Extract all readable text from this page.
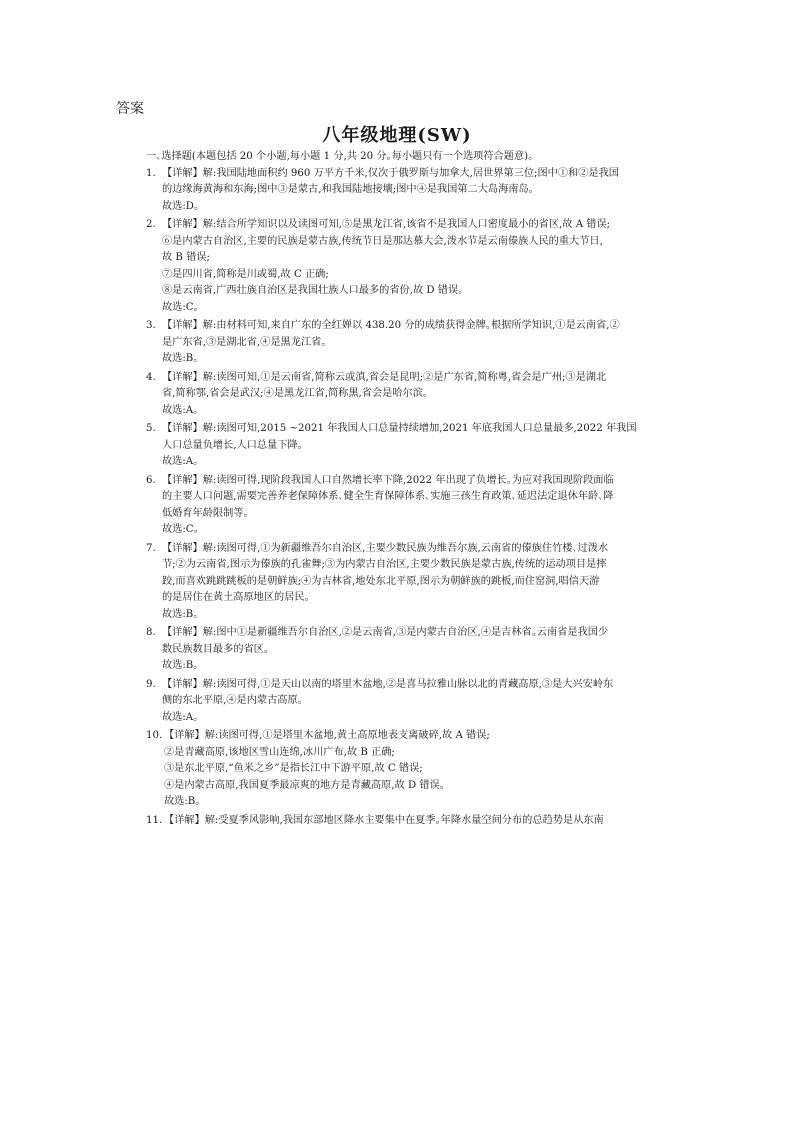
答案
八年级地理(SW)
一､选择题(本题包括 20 个小题,每小题 1 分,共 20 分｡每小题只有一个选项符合题意)｡
1. 【详解】解:我国陆地面积约 960 万平方千米,仅次于俄罗斯与加拿大,居世界第三位;图中①和②是我国
的边缘海黄海和东海;图中③是蒙古,和我国陆地接壤;图中④是我国第二大岛海南岛｡
故选:D｡
2. 【详解】解:结合所学知识以及读图可知,⑤是黑龙江省,该省不是我国人口密度最小的省区,故 A 错误;
⑥是内蒙古自治区,主要的民族是蒙古族,传统节日是那达慕大会,泼水节是云南傣族人民的重大节日,
故 B 错误;
⑦是四川省,简称是川或蜀,故 C 正确;
⑧是云南省,广西壮族自治区是我国壮族人口最多的省份,故 D 错误｡
故选:C｡
3. 【详解】解:由材料可知,来自广东的全红婵以 438.20 分的成绩获得金牌｡根据所学知识,①是云南省,②
是广东省,③是湖北省,④是黑龙江省｡
故选:B｡
4. 【详解】解:读图可知,①是云南省,简称云或滇,省会是昆明;②是广东省,简称粤,省会是广州;③是湖北
省,简称鄂,省会是武汉;④是黑龙江省,简称黑,省会是哈尔滨｡
故选:A｡
5. 【详解】解:读图可知,2015 ~2021 年我国人口总量持续增加,2021 年底我国人口总量最多,2022 年我国
人口总量负增长,人口总量下降｡
故选:A｡
6. 【详解】解:读图可得,现阶段我国人口自然增长率下降,2022 年出现了负增长｡为应对我国现阶段面临
的主要人口问题,需要完善养老保障体系､健全生育保障体系､实施三孩生育政策､延迟法定退休年龄､降
低婚育年龄限制等｡
故选:C｡
7. 【详解】解:读图可得,①为新疆维吾尔自治区,主要少数民族为维吾尔族,云南省的傣族住竹楼､过泼水
节;②为云南省,图示为傣族的孔雀舞;③为内蒙古自治区,主要少数民族是蒙古族,传统的运动项目是摔
跤,而喜欢跳跳跳板的是朝鲜族;④为吉林省,地处东北平原,图示为朝鲜族的跳板,而住窑洞,唱信天游
的是居住在黄土高原地区的居民｡
故选:B｡
8. 【详解】解:图中①是新疆维吾尔自治区,②是云南省,③是内蒙古自治区,④是吉林省｡云南省是我国少
数民族数目最多的省区｡
故选:B｡
9. 【详解】解:读图可得,①是天山以南的塔里木盆地,②是喜马拉雅山脉以北的青藏高原,③是大兴安岭东
侧的东北平原,④是内蒙古高原｡
故选:A｡
10. 【详解】解:读图可得,①是塔里木盆地,黄土高原地表支离破碎,故 A 错误;
②是青藏高原,该地区雪山连绵,冰川广布,故 B 正确;
③是东北平原,“鱼米之乡”是指长江中下游平原,故 C 错误;
④是内蒙古高原,我国夏季最凉爽的地方是青藏高原,故 D 错误｡
故选:B｡
11. 【详解】解:受夏季风影响,我国东部地区降水主要集中在夏季｡年降水量空间分布的总趋势是从东南
